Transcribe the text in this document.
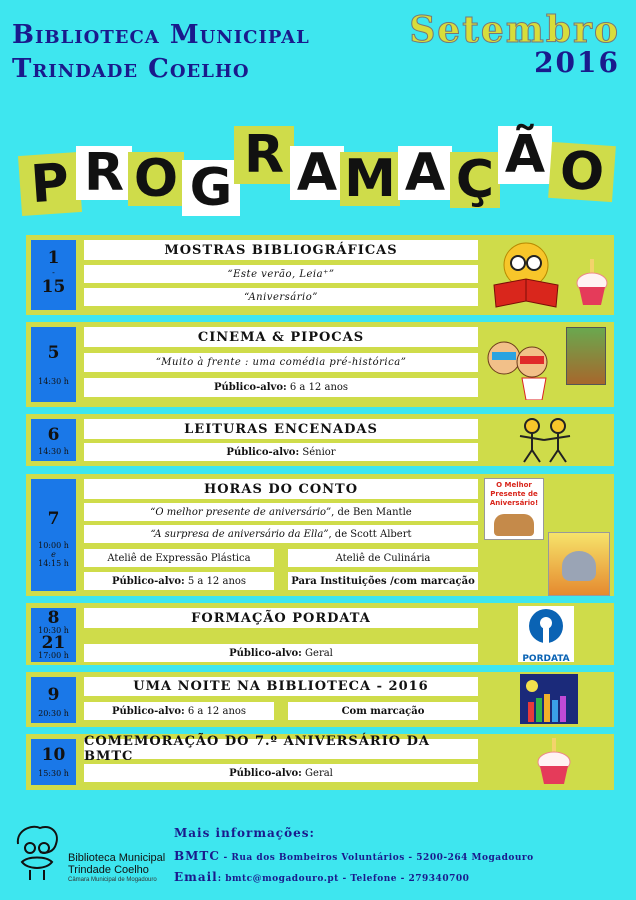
Biblioteca Municipal
Trindade Coelho
Setembro
2016
P R O G
R A M A Ç Ã O
1
-
15
MOSTRAS BIBLIOGRÁFICAS
“Este verão, Leia⁺”
“Aniversário”
5
14:30 h
CINEMA & PIPOCAS
“Muito à frente : uma comédia pré-histórica”
Público-alvo:
6 a 12 anos
6
14:30 h
LEITURAS ENCENADAS
Público-alvo:
Sénior
7
10:00 h
e
14:15 h
HORAS DO CONTO
“O melhor presente de aniversário” , de Ben Mantle
“A surpresa de aniversário da Ella” , de Scott Albert
Ateliê de Expressão Plástica	Ateliê de Culinária
Público-alvo:
5 a 12 anos	Para Instituições /com marcação
O Melhor Presente de Aniversário!
8
10:30 h
21
17:00 h
FORMAÇÃO PORDATA
Público-alvo:
Geral
PORDATA
9
20:30 h
UMA NOITE NA BIBLIOTECA - 2016
Público-alvo:
6 a 12 anos	Com marcação
10
15:30 h
COMEMORAÇÃO DO 7.º ANIVERSÁRIO DA BMTC
Público-alvo:
Geral
Biblioteca Municipal
Trindade Coelho
Câmara Municipal de Mogadouro
Mais informações:
BMTC - Rua dos Bombeiros Voluntários - 5200-264 Mogadouro
Email: bmtc@mogadouro.pt - Telefone - 279340700
